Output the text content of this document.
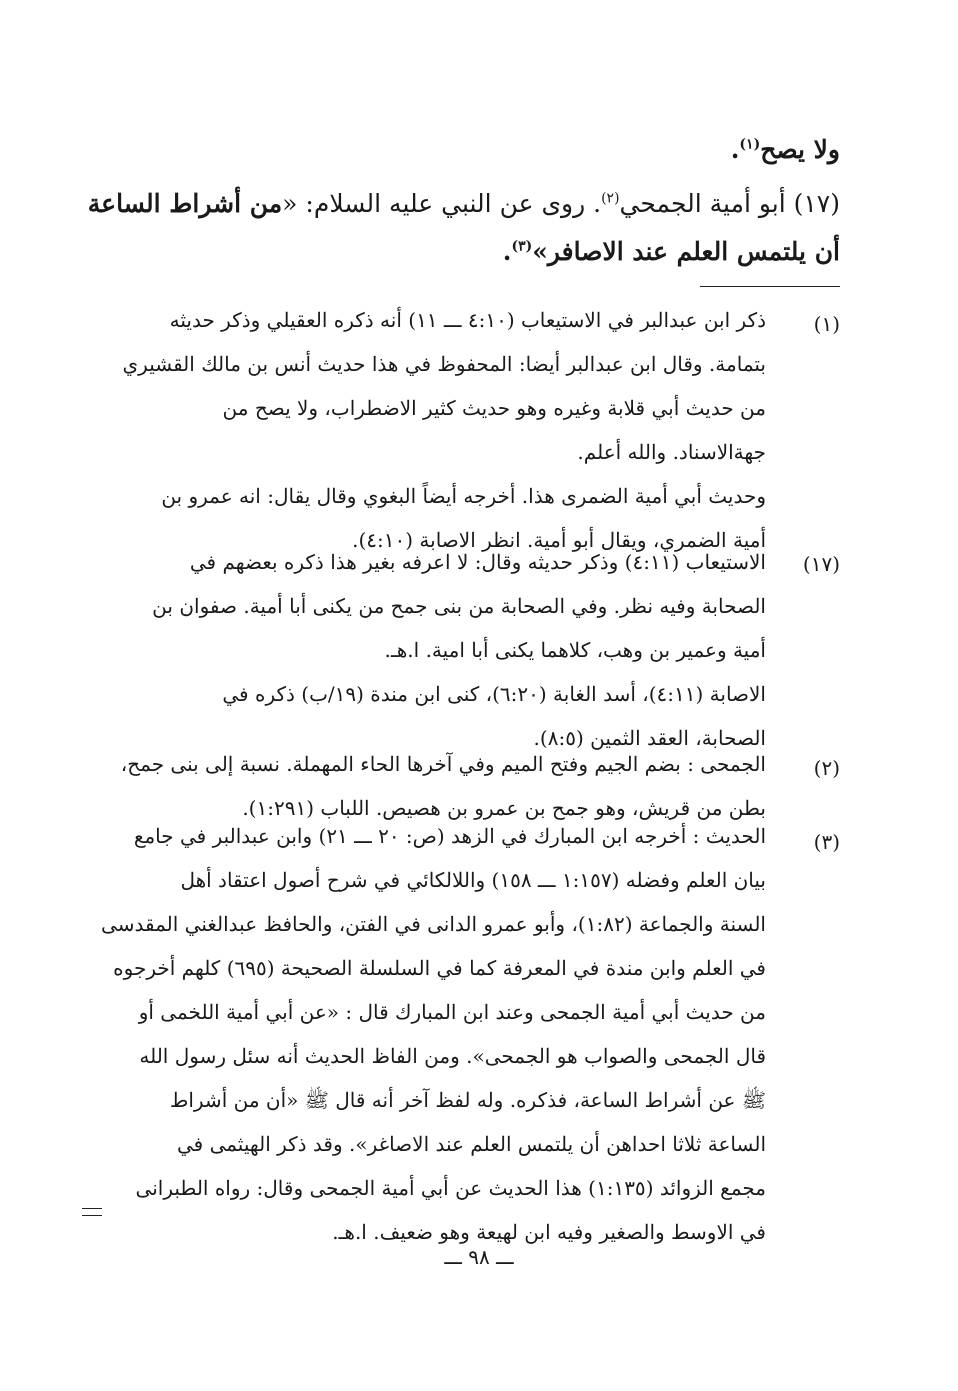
ولا يصح$^{(١)}$.
(١٧) أبو أمية الجمحي$^{(٢)}$. روى عن النبي عليه السلام: «من أشراط الساعة
أن يلتمس العلم عند الاصافر»$^{(٣)}$.
(١)
ذكر ابن عبدالبر في الاستيعاب (٤:١٠ ـــ ١١) أنه ذكره العقيلي وذكر حديثه
بتمامة. وقال ابن عبدالبر أيضا: المحفوظ في هذا حديث أنس بن مالك القشيري
من حديث أبي قلابة وغيره وهو حديث كثير الاضطراب، ولا يصح من
جهةالاسناد. والله أعلم.
وحديث أبي أمية الضمرى هذا. أخرجه أيضاً البغوي وقال يقال: انه عمرو بن
أمية الضمري، ويقال أبو أمية. انظر الاصابة (٤:١٠).
(١٧)
الاستيعاب (٤:١١) وذكر حديثه وقال: لا اعرفه بغير هذا ذكره بعضهم في
الصحابة وفيه نظر. وفي الصحابة من بنى جمح من يكنى أبا أمية. صفوان بن
أمية وعمير بن وهب، كلاهما يكنى أبا امية. ا.هـ.
الاصابة (٤:١١)، أسد الغابة (٦:٢٠)، كنى ابن مندة (١٩/ب) ذكره في
الصحابة، العقد الثمين (٨:٥).
(٢)
الجمحى : بضم الجيم وفتح الميم وفي آخرها الحاء المهملة. نسبة إلى بنى جمح،
بطن من قريش، وهو جمح بن عمرو بن هصيص. اللباب (١:٢٩١).
(٣)
الحديث : أخرجه ابن المبارك في الزهد (ص: ٢٠ ـــ ٢١) وابن عبدالبر في جامع
بيان العلم وفضله (١:١٥٧ ـــ ١٥٨) واللالكائي في شرح أصول اعتقاد أهل
السنة والجماعة (١:٨٢)، وأبو عمرو الدانى في الفتن، والحافظ عبدالغني المقدسى
في العلم وابن مندة في المعرفة كما في السلسلة الصحيحة (٦٩٥) كلهم أخرجوه
من حديث أبي أمية الجمحى وعند ابن المبارك قال : «عن أبي أمية اللخمى أو
قال الجمحى والصواب هو الجمحى». ومن الفاظ الحديث أنه سئل رسول الله
ﷺ عن أشراط الساعة، فذكره. وله لفظ آخر أنه قال ﷺ «أن من أشراط
الساعة ثلاثا احداهن أن يلتمس العلم عند الاصاغر». وقد ذكر الهيثمى في
مجمع الزوائد (١:١٣٥) هذا الحديث عن أبي أمية الجمحى وقال: رواه الطبرانى
في الاوسط والصغير وفيه ابن لهيعة وهو ضعيف. ا.هـ.
ـــ ٩٨ ـــ
